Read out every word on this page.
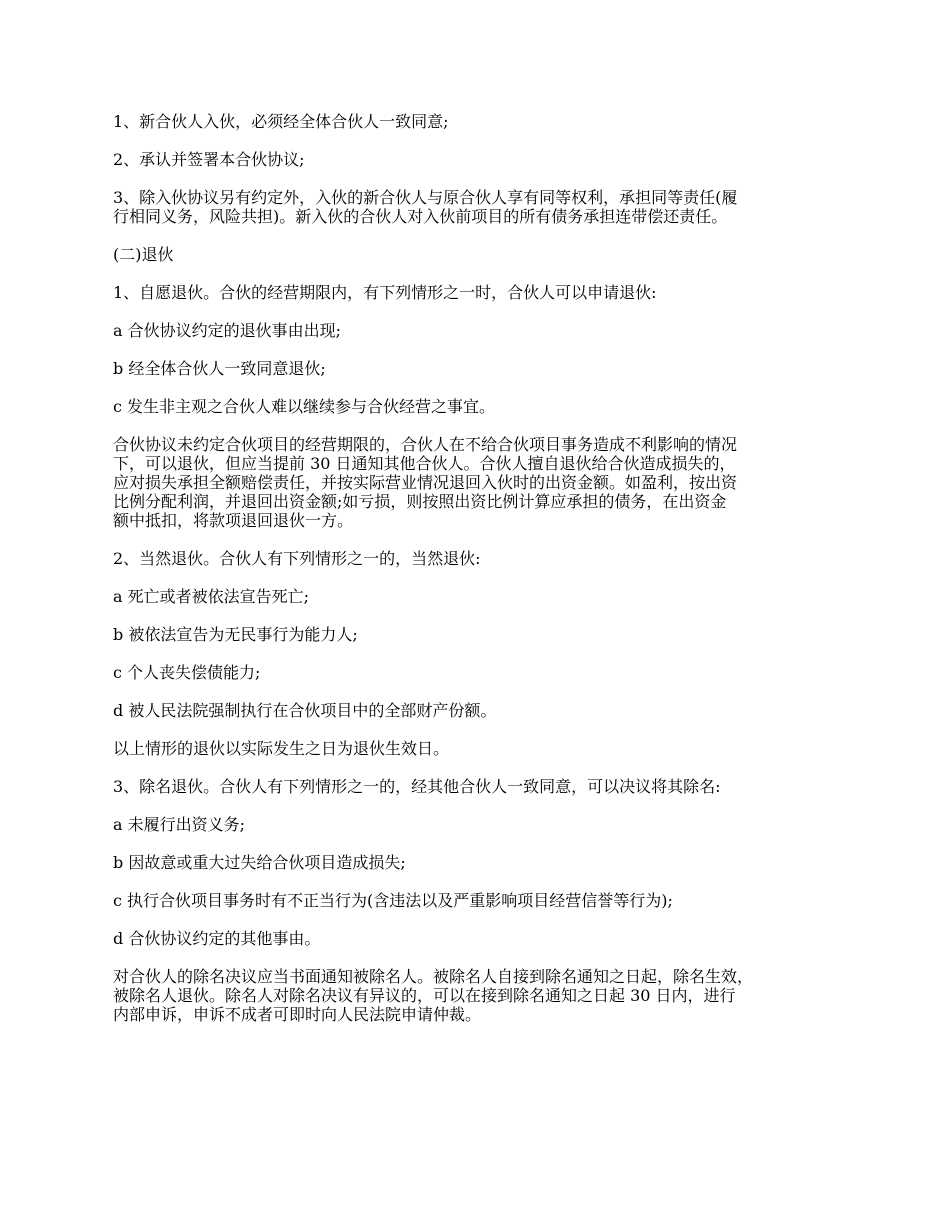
1、新合伙人入伙，必须经全体合伙人一致同意;

2、承认并签署本合伙协议;

3、除入伙协议另有约定外，入伙的新合伙人与原合伙人享有同等权利，承担同等责任(履
行相同义务，风险共担)。新入伙的合伙人对入伙前项目的所有债务承担连带偿还责任。

(二)退伙

1、自愿退伙。合伙的经营期限内，有下列情形之一时，合伙人可以申请退伙:

a 合伙协议约定的退伙事由出现;

b 经全体合伙人一致同意退伙;

c 发生非主观之合伙人难以继续参与合伙经营之事宜。

合伙协议未约定合伙项目的经营期限的，合伙人在不给合伙项目事务造成不利影响的情况
下，可以退伙，但应当提前 30 日通知其他合伙人。合伙人擅自退伙给合伙造成损失的，
应对损失承担全额赔偿责任，并按实际营业情况退回入伙时的出资金额。如盈利，按出资
比例分配利润，并退回出资金额;如亏损，则按照出资比例计算应承担的债务，在出资金
额中抵扣，将款项退回退伙一方。

2、当然退伙。合伙人有下列情形之一的，当然退伙:

a 死亡或者被依法宣告死亡;

b 被依法宣告为无民事行为能力人;

c 个人丧失偿债能力;

d 被人民法院强制执行在合伙项目中的全部财产份额。

以上情形的退伙以实际发生之日为退伙生效日。

3、除名退伙。合伙人有下列情形之一的，经其他合伙人一致同意，可以决议将其除名:

a 未履行出资义务;

b 因故意或重大过失给合伙项目造成损失;

c 执行合伙项目事务时有不正当行为(含违法以及严重影响项目经营信誉等行为);

d 合伙协议约定的其他事由。

对合伙人的除名决议应当书面通知被除名人。被除名人自接到除名通知之日起，除名生效，
被除名人退伙。除名人对除名决议有异议的，可以在接到除名通知之日起 30 日内，进行
内部申诉，申诉不成者可即时向人民法院申请仲裁。
